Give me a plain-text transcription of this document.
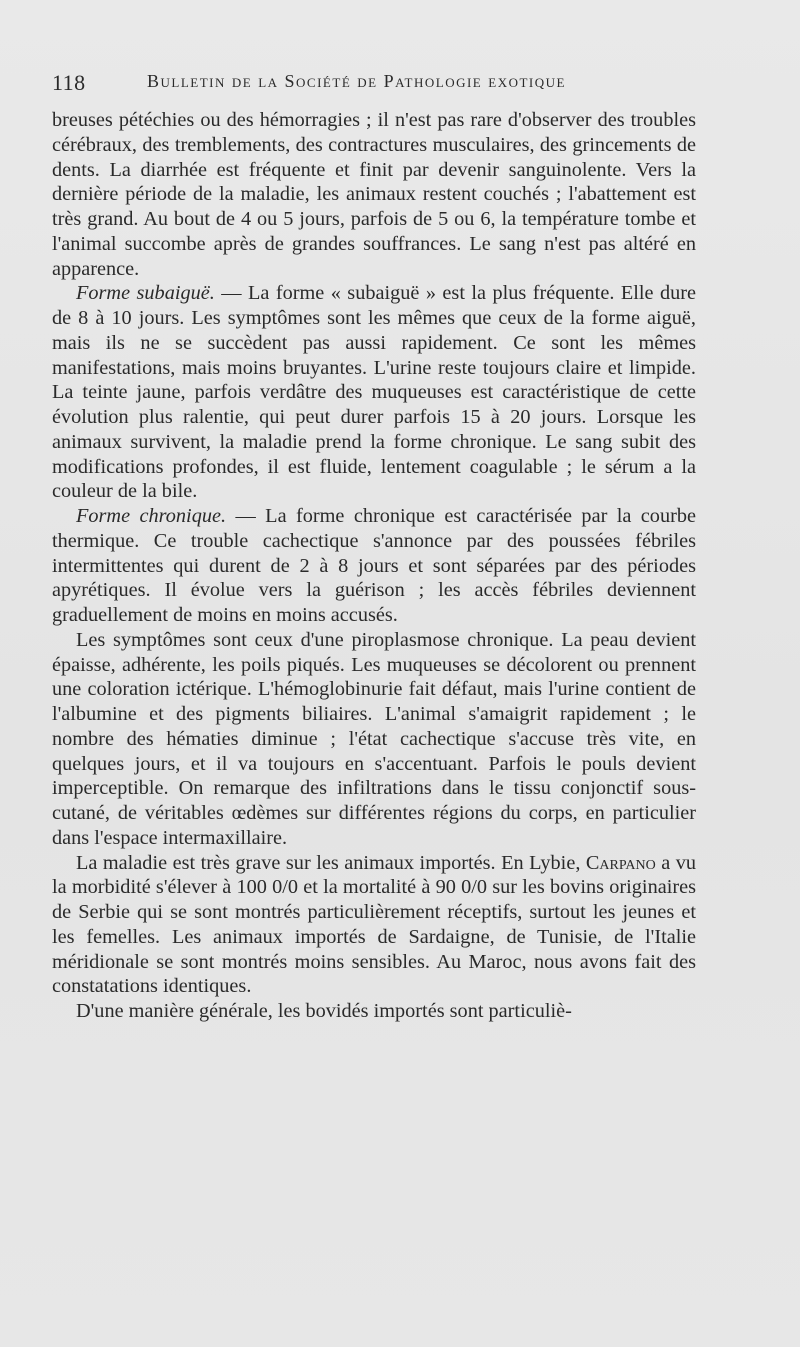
118	Bulletin de la Société de Pathologie exotique

breuses pétéchies ou des hémorragies ; il n'est pas rare d'observer des troubles cérébraux, des tremblements, des contractures musculaires, des grincements de dents. La diarrhée est fréquente et finit par devenir sanguinolente. Vers la dernière période de la maladie, les animaux restent couchés ; l'abattement est très grand. Au bout de 4 ou 5 jours, parfois de 5 ou 6, la température tombe et l'animal succombe après de grandes souffrances. Le sang n'est pas altéré en apparence.

Forme subaiguë. — La forme « subaiguë » est la plus fréquente. Elle dure de 8 à 10 jours. Les symptômes sont les mêmes que ceux de la forme aiguë, mais ils ne se succèdent pas aussi rapidement. Ce sont les mêmes manifestations, mais moins bruyantes. L'urine reste toujours claire et limpide. La teinte jaune, parfois verdâtre des muqueuses est caractéristique de cette évolution plus ralentie, qui peut durer parfois 15 à 20 jours. Lorsque les animaux survivent, la maladie prend la forme chronique. Le sang subit des modifications profondes, il est fluide, lentement coagulable ; le sérum a la couleur de la bile.

Forme chronique. — La forme chronique est caractérisée par la courbe thermique. Ce trouble cachectique s'annonce par des poussées fébriles intermittentes qui durent de 2 à 8 jours et sont séparées par des périodes apyrétiques. Il évolue vers la guérison ; les accès fébriles deviennent graduellement de moins en moins accusés.

Les symptômes sont ceux d'une piroplasmose chronique. La peau devient épaisse, adhérente, les poils piqués. Les muqueuses se décolorent ou prennent une coloration ictérique. L'hémoglobinurie fait défaut, mais l'urine contient de l'albumine et des pigments biliaires. L'animal s'amaigrit rapidement ; le nombre des hématies diminue ; l'état cachectique s'accuse très vite, en quelques jours, et il va toujours en s'accentuant. Parfois le pouls devient imperceptible. On remarque des infiltrations dans le tissu conjonctif sous-cutané, de véritables œdèmes sur différentes régions du corps, en particulier dans l'espace intermaxillaire.

La maladie est très grave sur les animaux importés. En Lybie, Carpano a vu la morbidité s'élever à 100 0/0 et la mortalité à 90 0/0 sur les bovins originaires de Serbie qui se sont montrés particulièrement réceptifs, surtout les jeunes et les femelles. Les animaux importés de Sardaigne, de Tunisie, de l'Italie méridionale se sont montrés moins sensibles. Au Maroc, nous avons fait des constatations identiques.

D'une manière générale, les bovidés importés sont particuliè-
